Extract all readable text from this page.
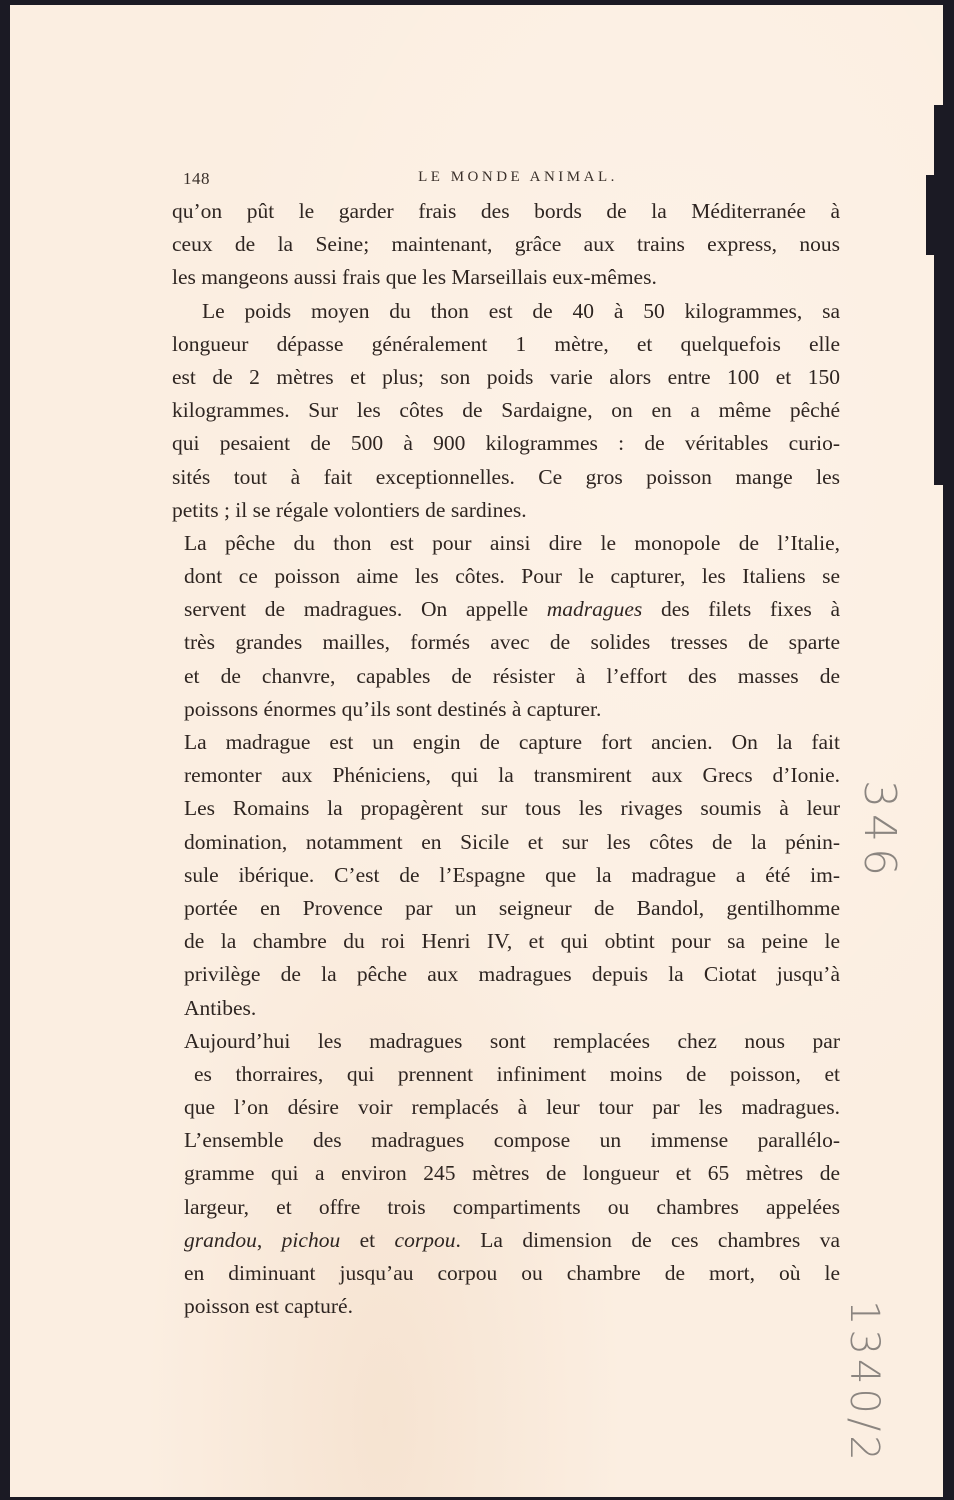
148	LE MONDE ANIMAL.
qu’on pût le garder frais des bords de la Méditerranée à
ceux de la Seine; maintenant, grâce aux trains express, nous
les mangeons aussi frais que les Marseillais eux-mêmes.
Le poids moyen du thon est de 40 à 50 kilogrammes, sa
longueur dépasse généralement 1 mètre, et quelquefois elle
est de 2 mètres et plus; son poids varie alors entre 100 et 150
kilogrammes. Sur les côtes de Sardaigne, on en a même pêché
qui pesaient de 500 à 900 kilogrammes : de véritables curio-
sités tout à fait exceptionnelles. Ce gros poisson mange les
petits ; il se régale volontiers de sardines.
La pêche du thon est pour ainsi dire le monopole de l’Italie,
dont ce poisson aime les côtes. Pour le capturer, les Italiens se
servent de madragues. On appelle madragues des filets fixes à
très grandes mailles, formés avec de solides tresses de sparte
et de chanvre, capables de résister à l’effort des masses de
poissons énormes qu’ils sont destinés à capturer.
La madrague est un engin de capture fort ancien. On la fait
remonter aux Phéniciens, qui la transmirent aux Grecs d’Ionie.
Les Romains la propagèrent sur tous les rivages soumis à leur
domination, notamment en Sicile et sur les côtes de la pénin-
sule ibérique. C’est de l’Espagne que la madrague a été im-
portée en Provence par un seigneur de Bandol, gentilhomme
de la chambre du roi Henri IV, et qui obtint pour sa peine le
privilège de la pêche aux madragues depuis la Ciotat jusqu’à
Antibes.
Aujourd’hui les madragues sont remplacées chez nous par
es thorraires, qui prennent infiniment moins de poisson, et
que l’on désire voir remplacés à leur tour par les madragues.
L’ensemble des madragues compose un immense parallélo-
gramme qui a environ 245 mètres de longueur et 65 mètres de
largeur, et offre trois compartiments ou chambres appelées
grandou, pichou et corpou. La dimension de ces chambres va
en diminuant jusqu’au corpou ou chambre de mort, où le
poisson est capturé.
346
1340/2
